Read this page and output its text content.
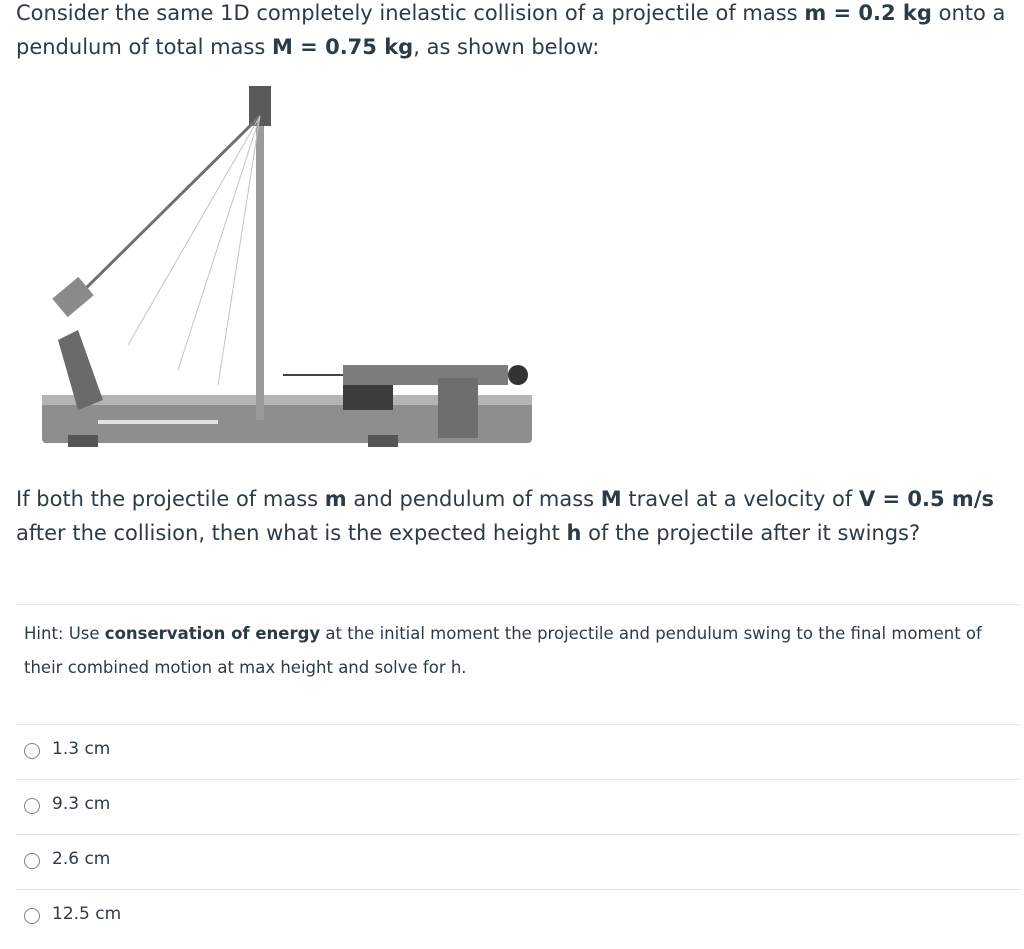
Consider the same 1D completely inelastic collision of a projectile of mass m = 0.2 kg onto a pendulum of total mass M = 0.75 kg, as shown below:

If both the projectile of mass m and pendulum of mass M travel at a velocity of V = 0.5 m/s after the collision, then what is the expected height h of the projectile after it swings?

Hint: Use conservation of energy at the initial moment the projectile and pendulum swing to the final moment of their combined motion at max height and solve for h.

1.3 cm
9.3 cm
2.6 cm
12.5 cm
